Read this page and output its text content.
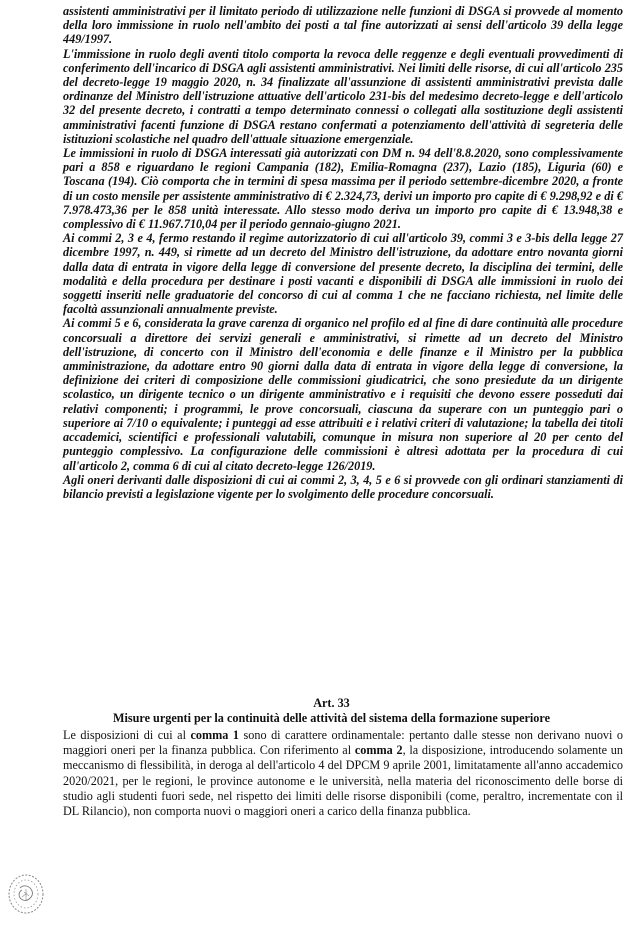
assistenti amministrativi per il limitato periodo di utilizzazione nelle funzioni di DSGA si provvede al momento della loro immissione in ruolo nell'ambito dei posti a tal fine autorizzati ai sensi dell'articolo 39 della legge 449/1997.

L'immissione in ruolo degli aventi titolo comporta la revoca delle reggenze e degli eventuali provvedimenti di conferimento dell'incarico di DSGA agli assistenti amministrativi. Nei limiti delle risorse, di cui all'articolo 235 del decreto-legge 19 maggio 2020, n. 34 finalizzate all'assunzione di assistenti amministrativi prevista dalle ordinanze del Ministro dell'istruzione attuative dell'articolo 231-bis del medesimo decreto-legge e dell'articolo 32 del presente decreto, i contratti a tempo determinato connessi o collegati alla sostituzione degli assistenti amministrativi facenti funzione di DSGA restano confermati a potenziamento dell'attività di segreteria delle istituzioni scolastiche nel quadro dell'attuale situazione emergenziale.

Le immissioni in ruolo di DSGA interessati già autorizzati con DM n. 94 dell'8.8.2020, sono complessivamente pari a 858 e riguardano le regioni Campania (182), Emilia-Romagna (237), Lazio (185), Liguria (60) e Toscana (194). Ciò comporta che in termini di spesa massima per il periodo settembre-dicembre 2020, a fronte di un costo mensile per assistente amministrativo di € 2.324,73, derivi un importo pro capite di € 9.298,92 e di € 7.978.473,36 per le 858 unità interessate. Allo stesso modo deriva un importo pro capite di € 13.948,38 e complessivo di € 11.967.710,04 per il periodo gennaio-giugno 2021.

Ai commi 2, 3 e 4, fermo restando il regime autorizzatorio di cui all'articolo 39, commi 3 e 3-bis della legge 27 dicembre 1997, n. 449, si rimette ad un decreto del Ministro dell'istruzione, da adottare entro novanta giorni dalla data di entrata in vigore della legge di conversione del presente decreto, la disciplina dei termini, delle modalità e della procedura per destinare i posti vacanti e disponibili di DSGA alle immissioni in ruolo dei soggetti inseriti nelle graduatorie del concorso di cui al comma 1 che ne facciano richiesta, nel limite delle facoltà assunzionali annualmente previste.

Ai commi 5 e 6, considerata la grave carenza di organico nel profilo ed al fine di dare continuità alle procedure concorsuali a direttore dei servizi generali e amministrativi, si rimette ad un decreto del Ministro dell'istruzione, di concerto con il Ministro dell'economia e delle finanze e il Ministro per la pubblica amministrazione, da adottare entro 90 giorni dalla data di entrata in vigore della legge di conversione, la definizione dei criteri di composizione delle commissioni giudicatrici, che sono presiedute da un dirigente scolastico, un dirigente tecnico o un dirigente amministrativo e i requisiti che devono essere posseduti dai relativi componenti; i programmi, le prove concorsuali, ciascuna da superare con un punteggio pari o superiore ai 7/10 o equivalente; i punteggi ad esse attribuiti e i relativi criteri di valutazione; la tabella dei titoli accademici, scientifici e professionali valutabili, comunque in misura non superiore al 20 per cento del punteggio complessivo. La configurazione delle commissioni è altresì adottata per la procedura di cui all'articolo 2, comma 6 di cui al citato decreto-legge 126/2019.

Agli oneri derivanti dalle disposizioni di cui ai commi 2, 3, 4, 5 e 6 si provvede con gli ordinari stanziamenti di bilancio previsti a legislazione vigente per lo svolgimento delle procedure concorsuali.

Art. 33
Misure urgenti per la continuità delle attività del sistema della formazione superiore

Le disposizioni di cui al comma 1 sono di carattere ordinamentale: pertanto dalle stesse non derivano nuovi o maggiori oneri per la finanza pubblica. Con riferimento al comma 2, la disposizione, introducendo solamente un meccanismo di flessibilità, in deroga al dell'articolo 4 del DPCM 9 aprile 2001, limitatamente all'anno accademico 2020/2021, per le regioni, le province autonome e le università, nella materia del riconoscimento delle borse di studio agli studenti fuori sede, nel rispetto dei limiti delle risorse disponibili (come, peraltro, incrementate con il DL Rilancio), non comporta nuovi o maggiori oneri a carico della finanza pubblica.
